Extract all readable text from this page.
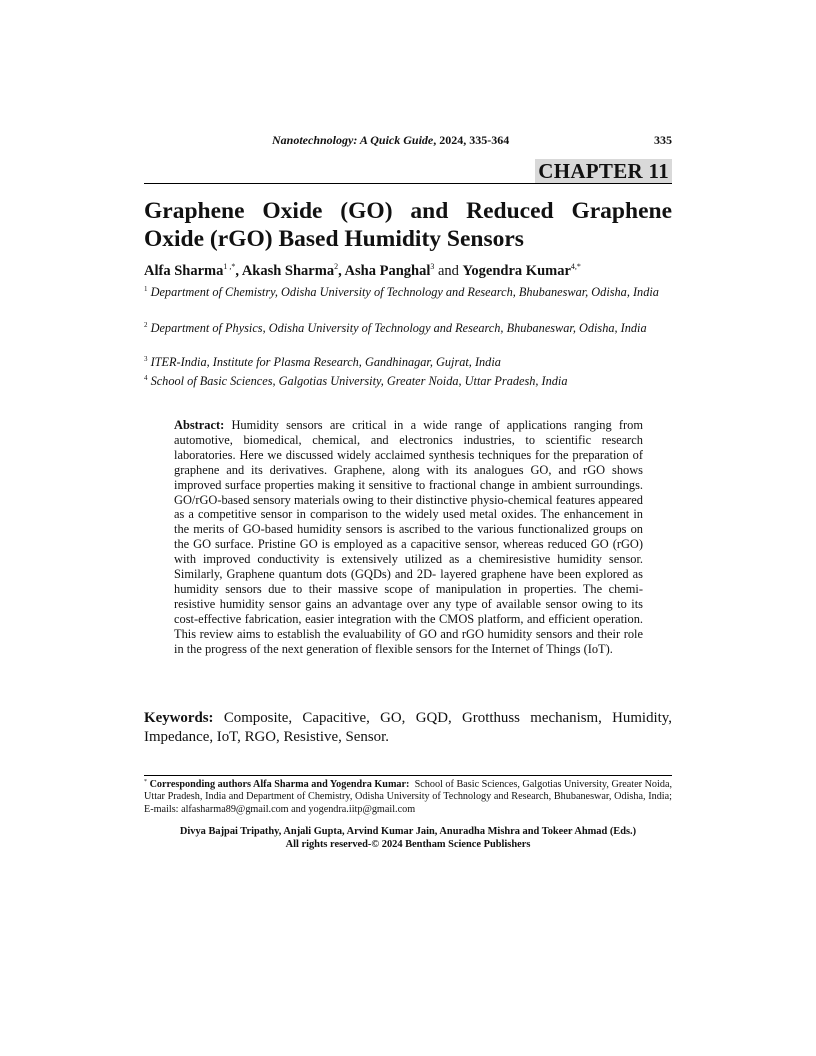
Nanotechnology: A Quick Guide, 2024, 335-364	335
CHAPTER 11
Graphene Oxide (GO) and Reduced Graphene
Oxide (rGO) Based Humidity Sensors
Alfa Sharma$^{1 ,*}$, Akash Sharma$^2$, Asha Panghal$^3$ and Yogendra Kumar$^{4,*}$
$^1$ Department of Chemistry, Odisha University of Technology and Research, Bhubaneswar, Odisha, India
$^2$ Department of Physics, Odisha University of Technology and Research, Bhubaneswar, Odisha, India
$^3$ ITER-India, Institute for Plasma Research, Gandhinagar, Gujrat, India
$^4$ School of Basic Sciences, Galgotias University, Greater Noida, Uttar Pradesh, India
Abstract: Humidity sensors are critical in a wide range of applications ranging from automotive, biomedical, chemical, and electronics industries, to scientific research laboratories. Here we discussed widely acclaimed synthesis techniques for the preparation of graphene and its derivatives. Graphene, along with its analogues GO, and rGO shows improved surface properties making it sensitive to fractional change in ambient surroundings. GO/rGO-based sensory materials owing to their distinctive physio-chemical features appeared as a competitive sensor in comparison to the widely used metal oxides. The enhancement in the merits of GO-based humidity sensors is ascribed to the various functionalized groups on the GO surface. Pristine GO is employed as a capacitive sensor, whereas reduced GO (rGO) with improved conductivity is extensively utilized as a chemiresistive humidity sensor. Similarly, Graphene quantum dots (GQDs) and 2D- layered graphene have been explored as humidity sensors due to their massive scope of manipulation in properties. The chemi-resistive humidity sensor gains an advantage over any type of available sensor owing to its cost-effective fabrication, easier integration with the CMOS platform, and efficient operation. This review aims to establish the evaluability of GO and rGO humidity sensors and their role in the progress of the next generation of flexible sensors for the Internet of Things (IoT).
Keywords: Composite, Capacitive, GO, GQD, Grotthuss mechanism, Humidity, Impedance, IoT, RGO, Resistive, Sensor.
* Corresponding authors Alfa Sharma and Yogendra Kumar: School of Basic Sciences, Galgotias University, Greater Noida, Uttar Pradesh, India and Department of Chemistry, Odisha University of Technology and Research, Bhubaneswar, Odisha, India; E-mails: alfasharma89@gmail.com and yogendra.iitp@gmail.com
Divya Bajpai Tripathy, Anjali Gupta, Arvind Kumar Jain, Anuradha Mishra and Tokeer Ahmad (Eds.)
All rights reserved-© 2024 Bentham Science Publishers
